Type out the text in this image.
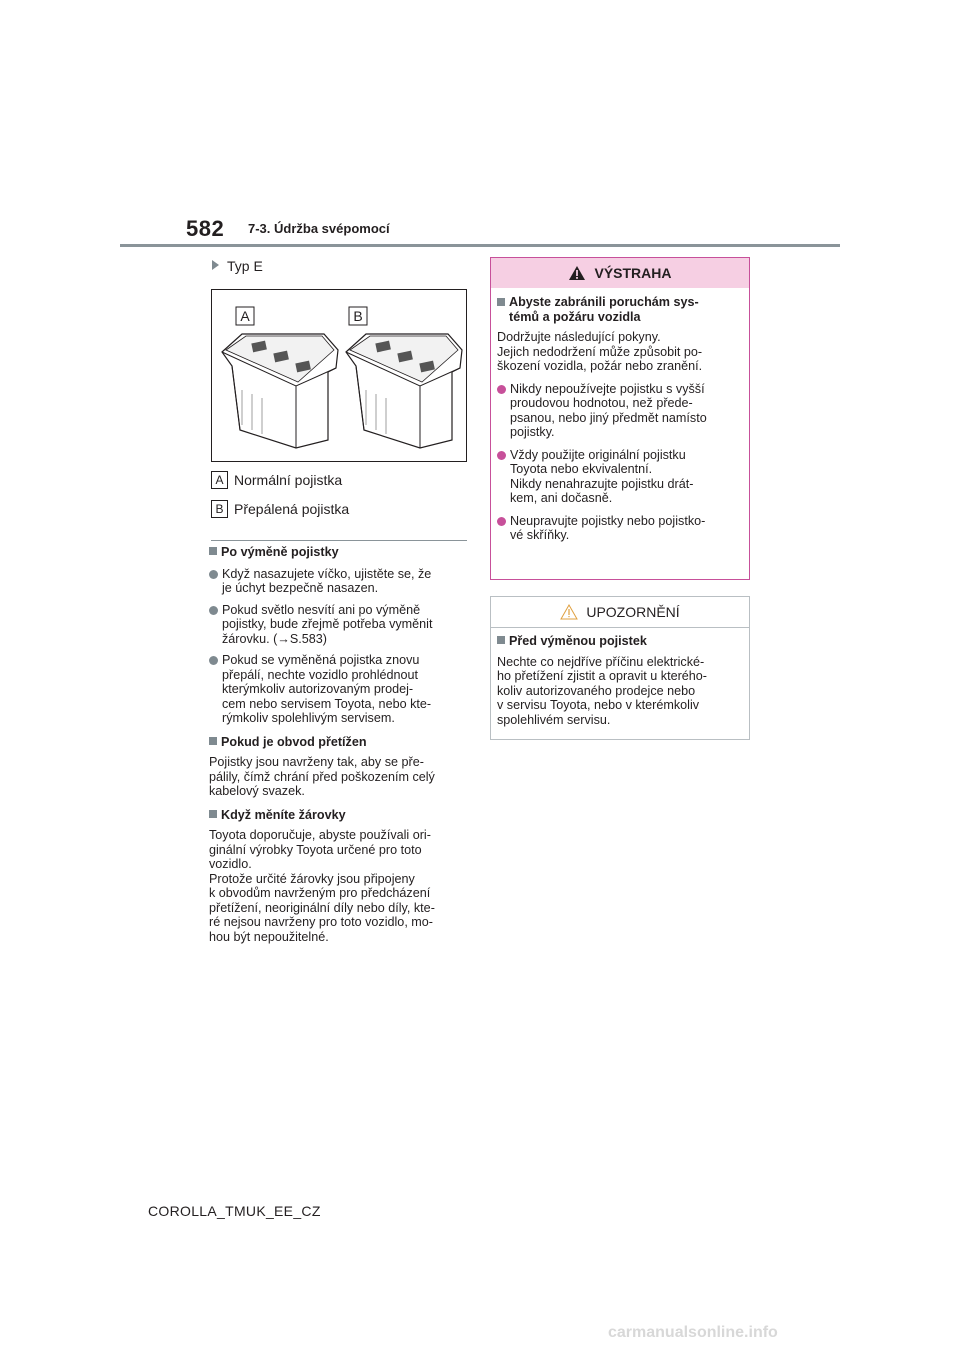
582 7-3. Údržba svépomocí
Typ E
A	B
A Normální pojistka
B Přepálená pojistka
Po výměně pojistky
Když nasazujete víčko, ujistěte se, že
je úchyt bezpečně nasazen.
Pokud světlo nesvítí ani po výměně
pojistky, bude zřejmě potřeba vyměnit
žárovku. (→S.583)
Pokud se vyměněná pojistka znovu
přepálí, nechte vozidlo prohlédnout
kterýmkoliv autorizovaným prodej-
cem nebo servisem Toyota, nebo kte-
rýmkoliv spolehlivým servisem.
Pokud je obvod přetížen
Pojistky jsou navrženy tak, aby se pře-
pálily, čímž chrání před poškozením celý
kabelový svazek.
Když měníte žárovky
Toyota doporučuje, abyste používali ori-
ginální výrobky Toyota určené pro toto
vozidlo.
Protože určité žárovky jsou připojeny
k obvodům navrženým pro předcházení
přetížení, neoriginální díly nebo díly, kte-
ré nejsou navrženy pro toto vozidlo, mo-
hou být nepoužitelné.
VÝSTRAHA
Abyste zabránili poruchám sys-
témů a požáru vozidla
Dodržujte následující pokyny.
Jejich nedodržení může způsobit po-
škození vozidla, požár nebo zranění.
Nikdy nepoužívejte pojistku s vyšší
proudovou hodnotou, než přede-
psanou, nebo jiný předmět namísto
pojistky.
Vždy použijte originální pojistku
Toyota nebo ekvivalentní.
Nikdy nenahrazujte pojistku drát-
kem, ani dočasně.
Neupravujte pojistky nebo pojistko-
vé skříňky.
UPOZORNĚNÍ
Před výměnou pojistek
Nechte co nejdříve příčinu elektrické-
ho přetížení zjistit a opravit u kterého-
koliv autorizovaného prodejce nebo
v servisu Toyota, nebo v kterémkoliv
spolehlivém servisu.
COROLLA_TMUK_EE_CZ
carmanualsonline.info
